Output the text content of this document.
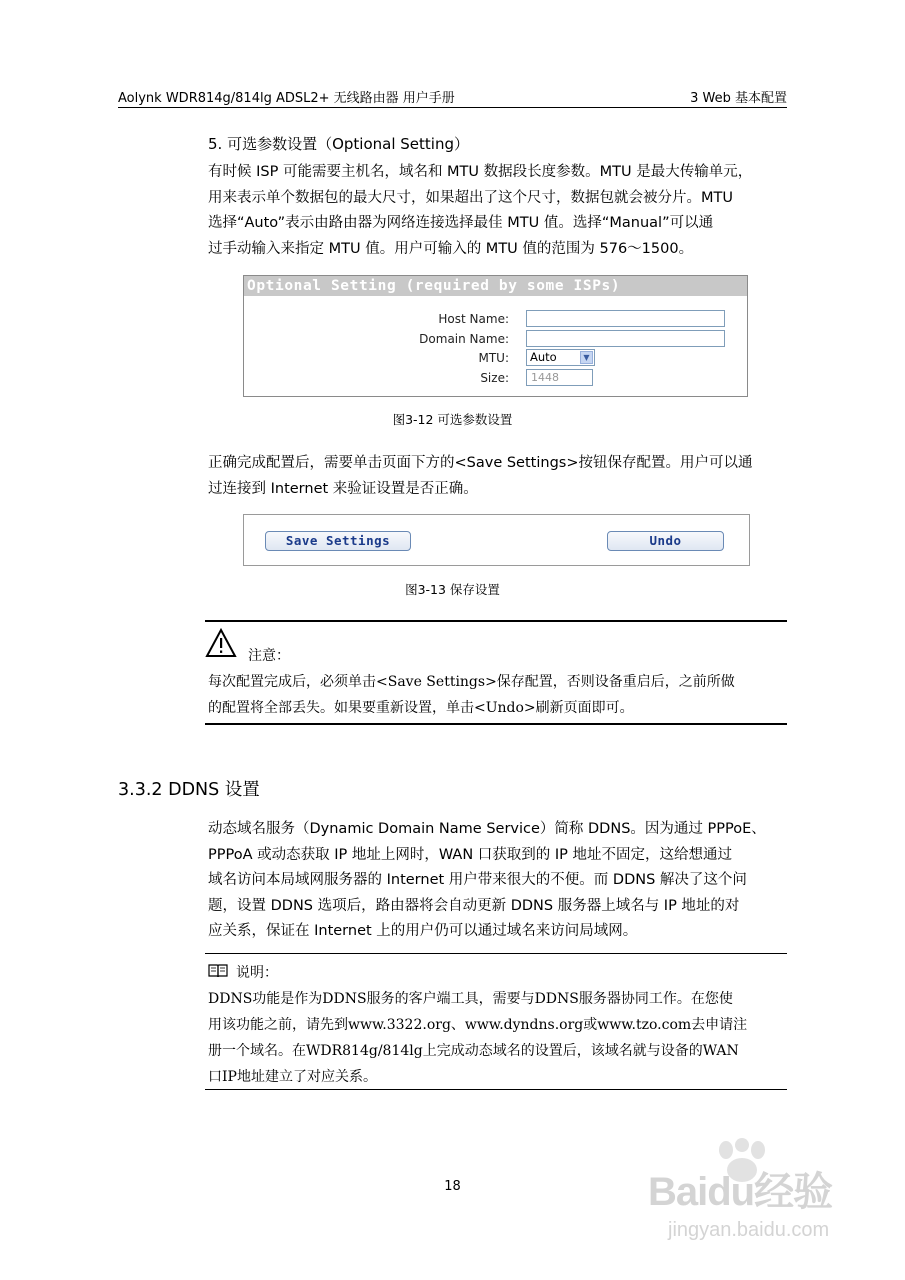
Aolynk WDR814g/814lg ADSL2+ 无线路由器 用户手册	3 Web 基本配置
5. 可选参数设置（Optional Setting）
有时候 ISP 可能需要主机名，域名和 MTU 数据段长度参数。MTU 是最大传输单元，
用来表示单个数据包的最大尺寸，如果超出了这个尺寸，数据包就会被分片。MTU
选择“Auto”表示由路由器为网络连接选择最佳 MTU 值。选择“Manual”可以通
过手动输入来指定 MTU 值。用户可输入的 MTU 值的范围为 576～1500。
Optional Setting (required by some ISPs)
Host Name:
Domain Name:
MTU:	Auto	▼
Size:	1448
图3-12 可选参数设置
正确完成配置后，需要单击页面下方的<Save Settings>按钮保存配置。用户可以通
过连接到 Internet 来验证设置是否正确。
Save Settings	Undo
图3-13 保存设置
注意：
每次配置完成后，必须单击<Save Settings>保存配置，否则设备重启后，之前所做
的配置将全部丢失。如果要重新设置，单击<Undo>刷新页面即可。
3.3.2 DDNS 设置
动态域名服务（Dynamic Domain Name Service）简称 DDNS。因为通过 PPPoE、
PPPoA 或动态获取 IP 地址上网时，WAN 口获取到的 IP 地址不固定，这给想通过
域名访问本局域网服务器的 Internet 用户带来很大的不便。而 DDNS 解决了这个问
题，设置 DDNS 选项后，路由器将会自动更新 DDNS 服务器上域名与 IP 地址的对
应关系，保证在 Internet 上的用户仍可以通过域名来访问局域网。
说明：
DDNS功能是作为DDNS服务的客户端工具，需要与DDNS服务器协同工作。在您使
用该功能之前，请先到www.3322.org、www.dyndns.org或www.tzo.com去申请注
册一个域名。在WDR814g/814lg上完成动态域名的设置后，该域名就与设备的WAN
口IP地址建立了对应关系。
18	Baidu经验
jingyan.baidu.com
